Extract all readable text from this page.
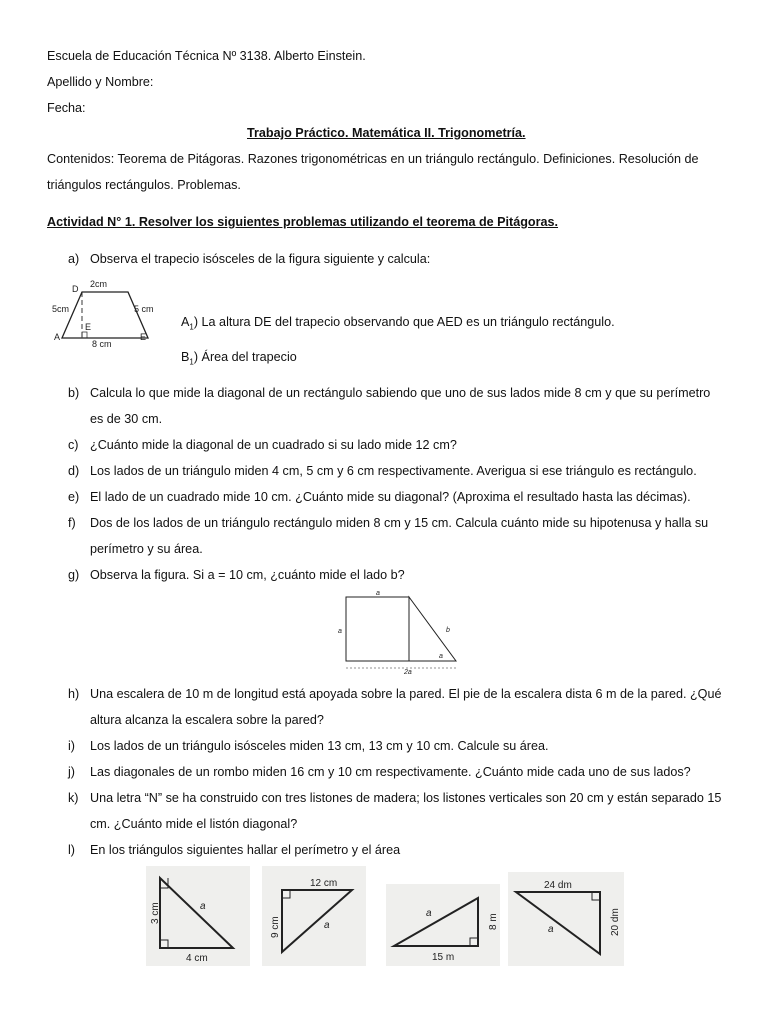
Escuela de Educación Técnica Nº 3138. Alberto Einstein.
Apellido y Nombre:
Fecha:
Trabajo Práctico. Matemática II. Trigonometría.
Contenidos: Teorema de Pitágoras. Razones trigonométricas en un triángulo rectángulo. Definiciones. Resolución de
triángulos rectángulos. Problemas.
Actividad N° 1. Resolver los siguientes problemas utilizando el teorema de Pitágoras.
a) Observa el trapecio isósceles de la figura siguiente y calcula:
2cm
5cm	5 cm
8 cm
D
A
E
E
$A_1$) La altura DE del trapecio observando que AED es un triángulo rectángulo.
$B_1$) Área del trapecio
b) Calcula lo que mide la diagonal de un rectángulo sabiendo que uno de sus lados mide 8 cm y que su perímetro
es de 30 cm.
c) ¿Cuánto mide la diagonal de un cuadrado si su lado mide 12 cm?
d) Los lados de un triángulo miden 4 cm, 5 cm y 6 cm respectivamente. Averigua si ese triángulo es rectángulo.
e) El lado de un cuadrado mide 10 cm. ¿Cuánto mide su diagonal? (Aproxima el resultado hasta las décimas).
f)	Dos de los lados de un triángulo rectángulo miden 8 cm y 15 cm. Calcula cuánto mide su hipotenusa y halla su
perímetro y su área.
g) Observa la figura. Si a = 10 cm, ¿cuánto mide el lado b?
a
a	b
a
2a
h) Una escalera de 10 m de longitud está apoyada sobre la pared. El pie de la escalera dista 6 m de la pared. ¿Qué
altura alcanza la escalera sobre la pared?
i)	Los lados de un triángulo isósceles miden 13 cm, 13 cm y 10 cm. Calcule su área.
j)	Las diagonales de un rombo miden 16 cm y 10 cm respectivamente. ¿Cuánto mide cada uno de sus lados?
k) Una letra “N” se ha construido con tres listones de madera; los listones verticales son 20 cm y están separado 15
cm. ¿Cuánto mide el listón diagonal?
l)	En los triángulos siguientes hallar el perímetro y el área
3 cm
4 cm
a
12 cm
9 cm	a
15 m
8 m
a
24 dm
20 dm
a
